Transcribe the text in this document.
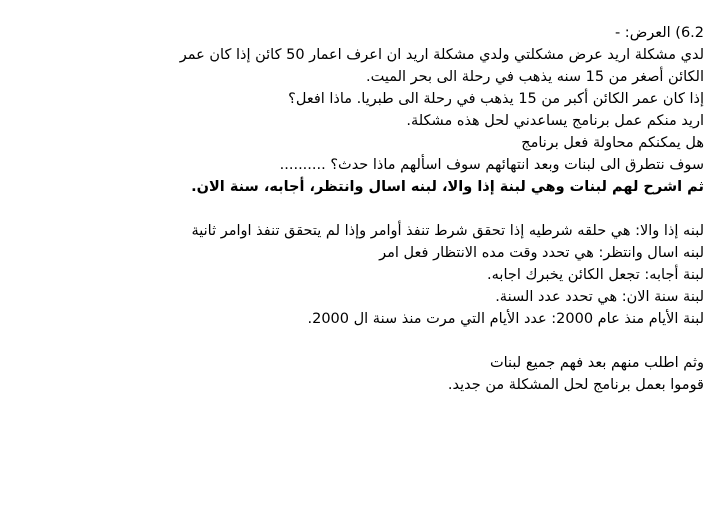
6.2) العرض: -
لدي مشكلة اريد عرض مشكلتي ولدي مشكلة اريد ان اعرف اعمار 50 كائن إذا كان عمر
الكائن أصغر من 15 سنه يذهب في رحلة الى بحر الميت.
إذا كان عمر الكائن أكبر من 15 يذهب في رحلة الى طبريا. ماذا افعل؟
اريد منكم عمل برنامج يساعدني لحل هذه مشكلة.
هل يمكنكم محاولة فعل برنامج
سوف نتطرق الى لبنات وبعد انتهائهم سوف اسألهم ماذا حدث؟ ..........
ثم اشرح لهم لبنات وهي لبنة إذا والا، لبنه اسال وانتظر، أجابه، سنة الان.
لبنه إذا والا: هي حلقه شرطيه إذا تحقق شرط تنفذ أوامر وإذا لم يتحقق تنفذ اوامر ثانية
لبنه اسال وانتظر: هي تحدد وقت مده الانتظار فعل امر
لبنة أجابه: تجعل الكائن يخبرك اجابه.
لبنة سنة الان: هي تحدد عدد السنة.
لبنة الأيام منذ عام 2000: عدد الأيام التي مرت منذ سنة ال 2000.
وثم اطلب منهم بعد فهم جميع لبنات
قوموا بعمل برنامج لحل المشكلة من جديد.
